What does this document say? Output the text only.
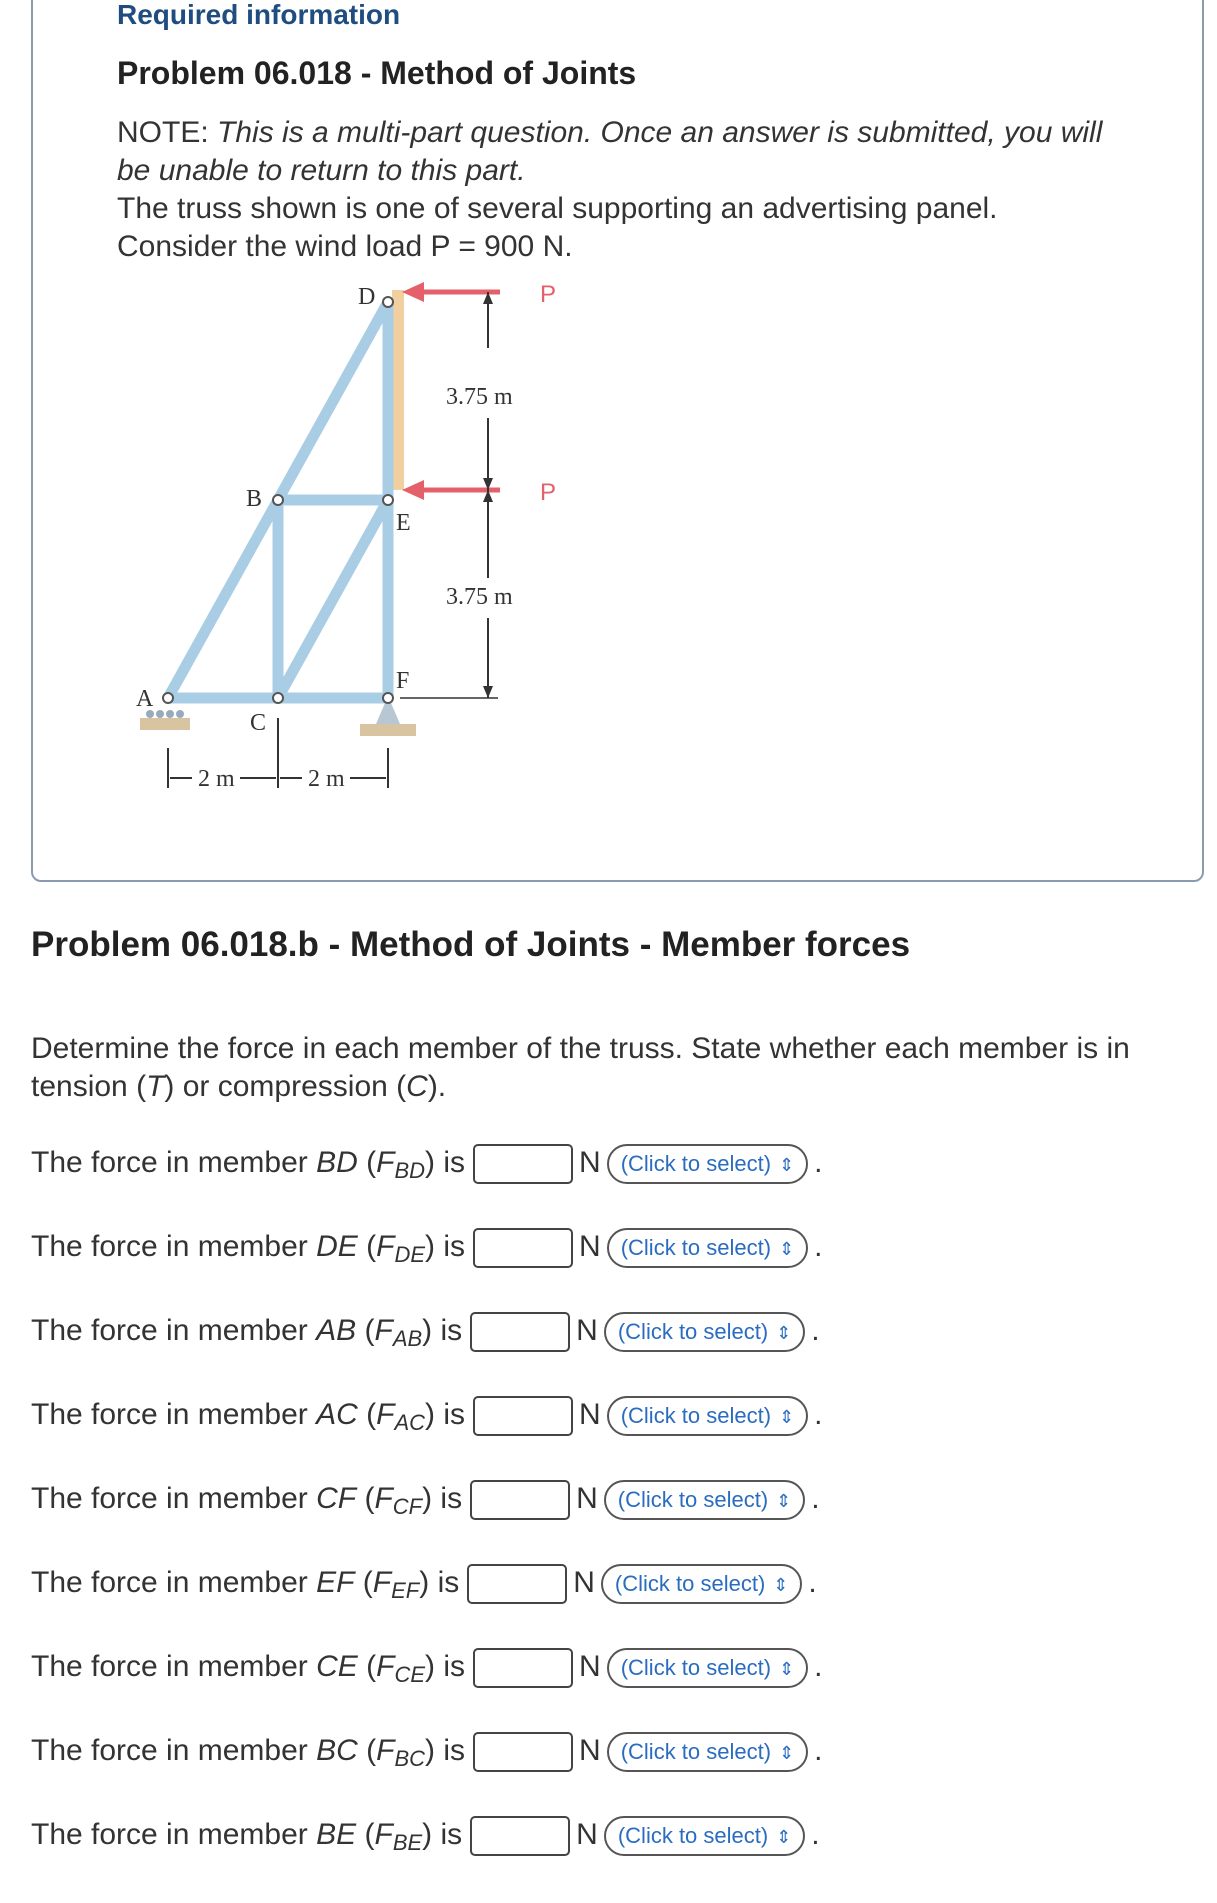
Required information
Problem 06.018 - Method of Joints
NOTE: This is a multi-part question. Once an answer is submitted, you will be unable to return to this part.
The truss shown is one of several supporting an advertising panel.
Consider the wind load P = 900 N.
D
B
E
F
A
C
3.75 m
3.75 m
2 m	2 m
P
P
Problem 06.018.b - Method of Joints - Member forces
Determine the force in each member of the truss. State whether each member is in tension (T) or compression (C).
The force in member BD $(F_{BD})$ is	N (Click to select) ⇕ .
The force in member DE $(F_{DE})$ is	N (Click to select) ⇕ .
The force in member AB $(F_{AB})$ is	N (Click to select) ⇕ .
The force in member AC $(F_{AC})$ is	N (Click to select) ⇕ .
The force in member CF $(F_{CF})$ is	N (Click to select) ⇕ .
The force in member EF $(F_{EF})$ is	N (Click to select) ⇕ .
The force in member CE $(F_{CE})$ is	N (Click to select) ⇕ .
The force in member BC $(F_{BC})$ is	N (Click to select) ⇕ .
The force in member BE $(F_{BE})$ is	N (Click to select) ⇕ .
